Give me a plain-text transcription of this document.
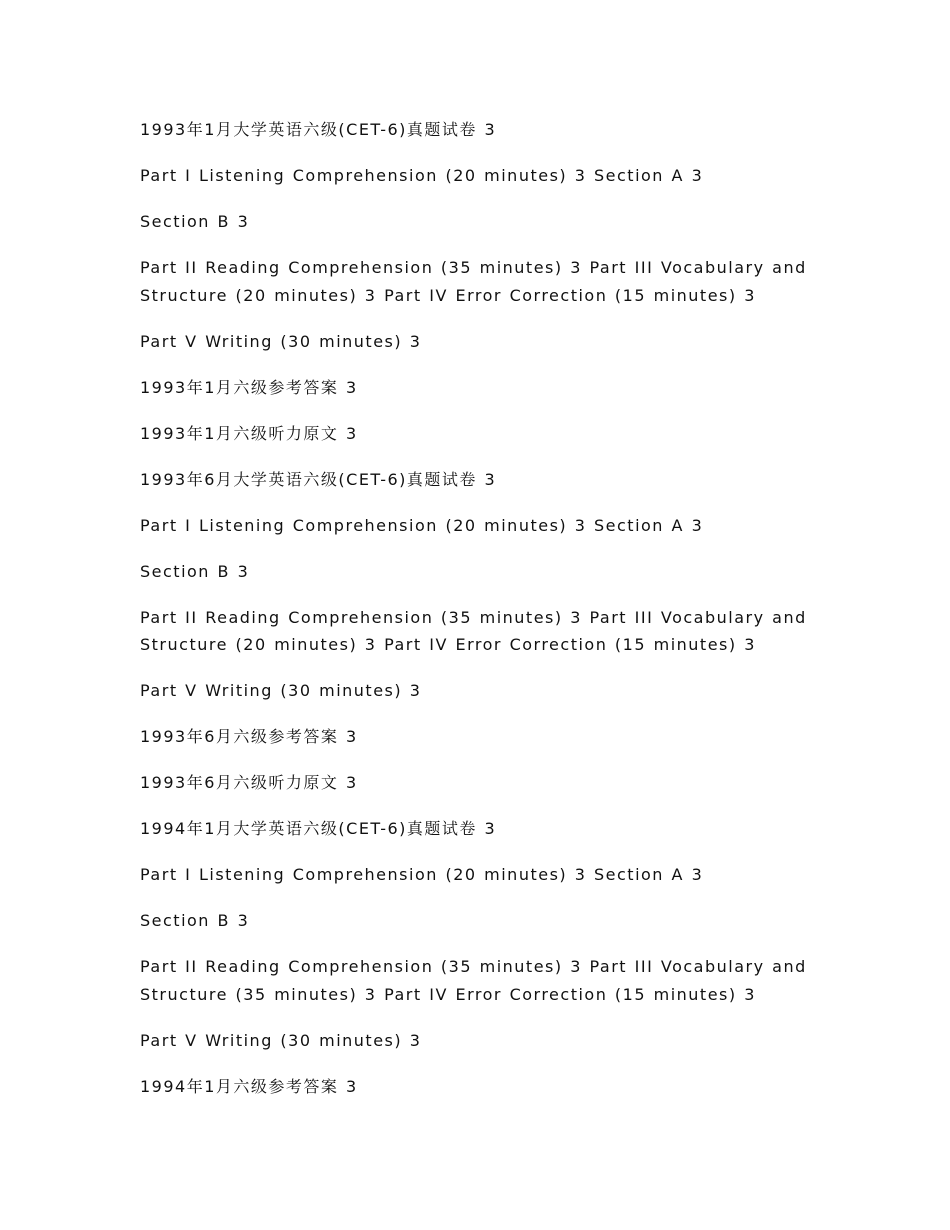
1993年1月大学英语六级(CET-6)真题试卷 3

Part I Listening Comprehension (20 minutes) 3 Section A 3

Section B 3

Part II Reading Comprehension (35 minutes) 3 Part III Vocabulary and Structure (20 minutes) 3 Part IV Error Correction (15 minutes) 3

Part V Writing (30 minutes) 3

1993年1月六级参考答案 3

1993年1月六级听力原文 3

1993年6月大学英语六级(CET-6)真题试卷 3

Part I Listening Comprehension (20 minutes) 3 Section A 3

Section B 3

Part II Reading Comprehension (35 minutes) 3 Part III Vocabulary and Structure (20 minutes) 3 Part IV Error Correction (15 minutes) 3

Part V Writing (30 minutes) 3

1993年6月六级参考答案 3

1993年6月六级听力原文 3

1994年1月大学英语六级(CET-6)真题试卷 3

Part I Listening Comprehension (20 minutes) 3 Section A 3

Section B 3

Part II Reading Comprehension (35 minutes) 3 Part III Vocabulary and Structure (35 minutes) 3 Part IV Error Correction (15 minutes) 3

Part V Writing (30 minutes) 3

1994年1月六级参考答案 3
